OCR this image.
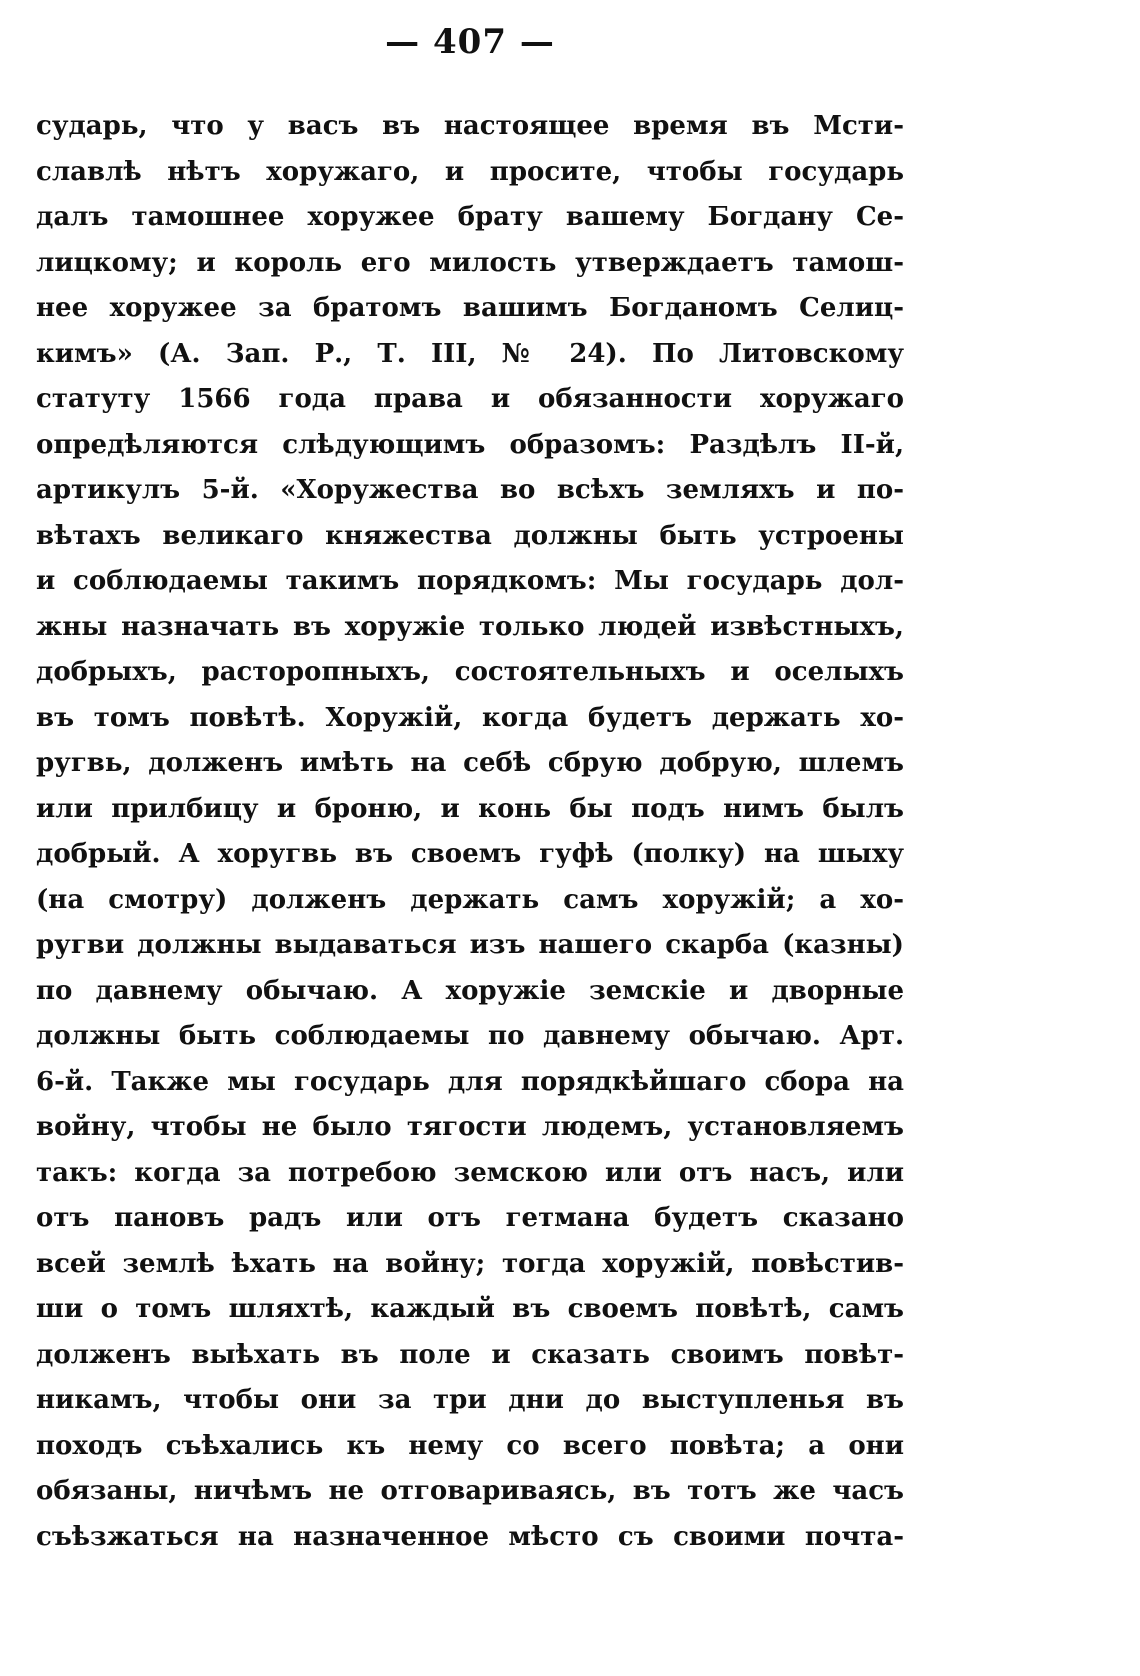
— 407 —
сударь, что у васъ въ настоящее время въ Мсти-
славлѣ нѣтъ хоружаго, и просите, чтобы государь
далъ тамошнее хоружее брату вашему Богдану Се-
лицкому; и король его милость утверждаетъ тамош-
нее хоружее за братомъ вашимъ Богданомъ Селиц-
кимъ» (А. Зап. Р., Т. III, № 24). По Литовскому
статуту 1566 года права и обязанности хоружаго
опредѣляются слѣдующимъ образомъ: Раздѣлъ II-й,
артикулъ 5-й. «Хоружества во всѣхъ земляхъ и по-
вѣтахъ великаго княжества должны быть устроены
и соблюдаемы такимъ порядкомъ: Мы государь дол-
жны назначать въ хоружіе только людей извѣстныхъ,
добрыхъ, расторопныхъ, состоятельныхъ и оселыхъ
въ томъ повѣтѣ. Хоружій, когда будетъ держать хо-
ругвь, долженъ имѣть на себѣ сбрую добрую, шлемъ
или прилбицу и броню, и конь бы подъ нимъ былъ
добрый. А хоругвь въ своемъ гуфѣ (полку) на шыху
(на смотру) долженъ держать самъ хоружій; а хо-
ругви должны выдаваться изъ нашего скарба (казны)
по давнему обычаю. А хоружіе земскіе и дворные
должны быть соблюдаемы по давнему обычаю. Арт.
6-й. Также мы государь для порядкѣйшаго сбора на
войну, чтобы не было тягости людемъ, установляемъ
такъ: когда за потребою земскою или отъ насъ, или
отъ пановъ радъ или отъ гетмана будетъ сказано
всей землѣ ѣхать на войну; тогда хоружій, повѣстив-
ши о томъ шляхтѣ, каждый въ своемъ повѣтѣ, самъ
долженъ выѣхать въ поле и сказать своимъ повѣт-
никамъ, чтобы они за три дни до выступленья въ
походъ съѣхались къ нему со всего повѣта; а они
обязаны, ничѣмъ не отговариваясь, въ тотъ же часъ
съѣзжаться на назначенное мѣсто съ своими почта-
